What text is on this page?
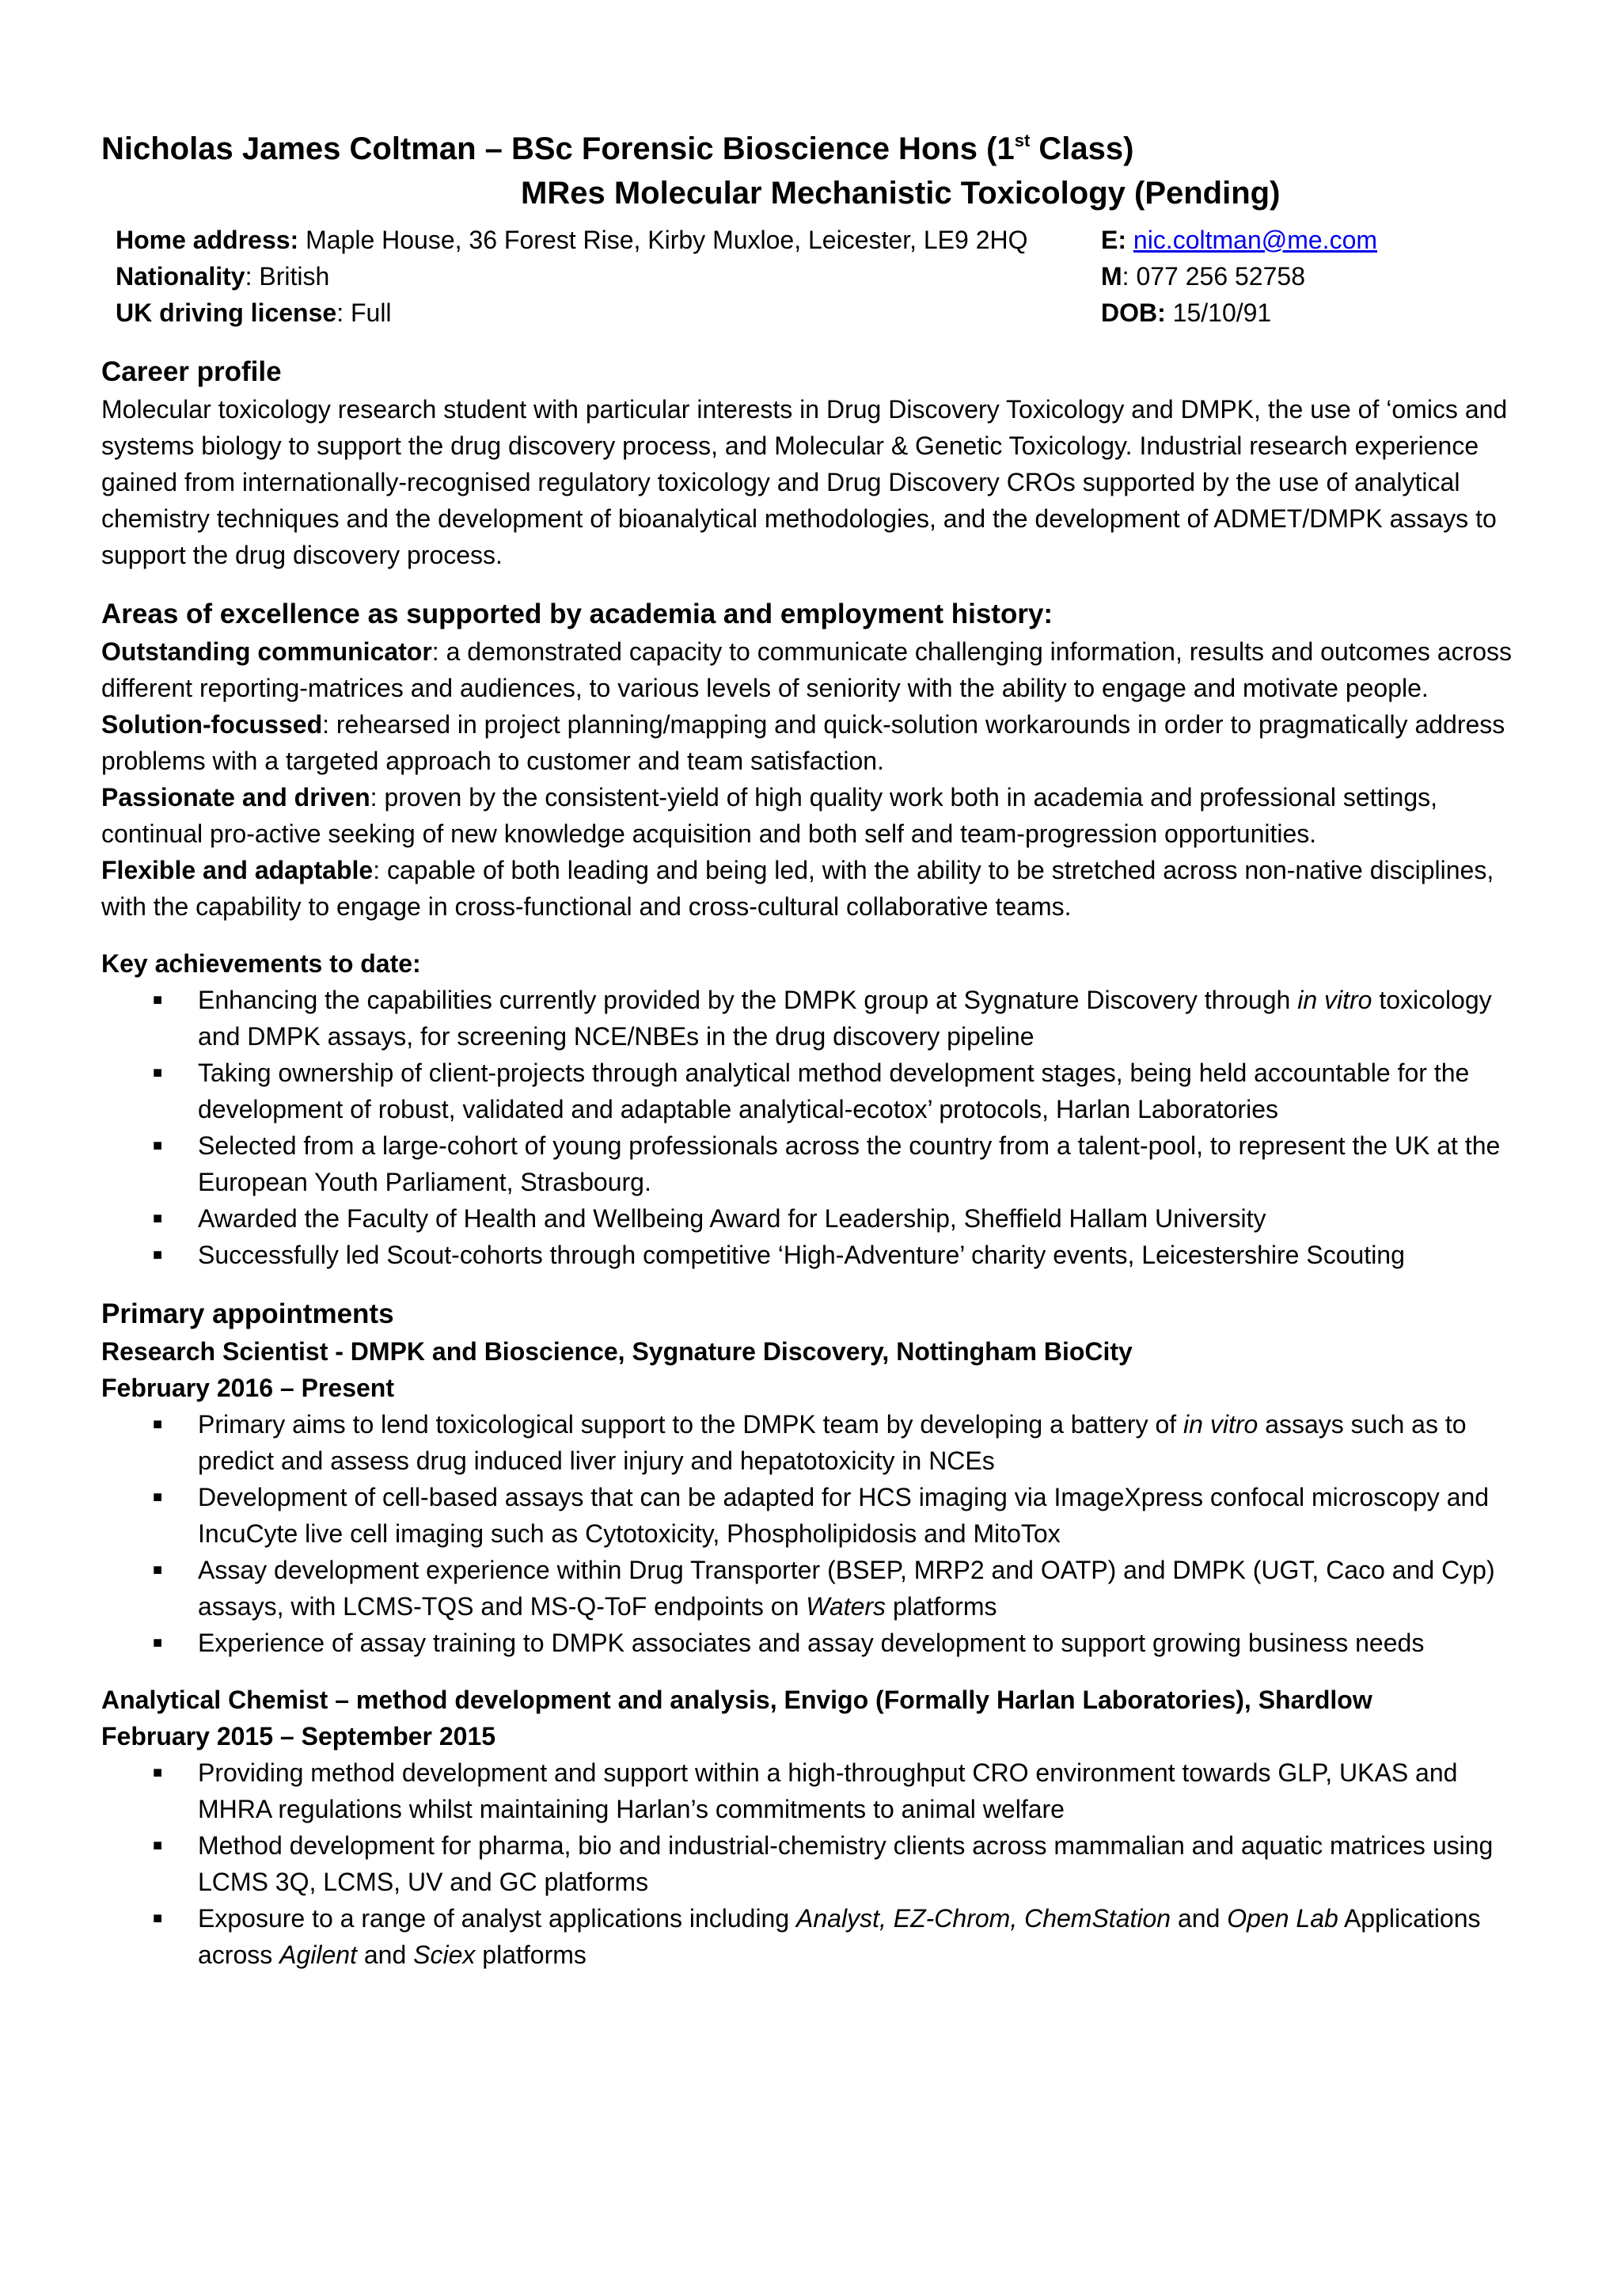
Nicholas James Coltman – BSc Forensic Bioscience Hons (1st Class)
MRes Molecular Mechanistic Toxicology (Pending)
Home address: Maple House, 36 Forest Rise, Kirby Muxloe, Leicester, LE9 2HQ	E: nic.coltman@me.com
Nationality: British	M: 077 256 52758
UK driving license: Full	DOB: 15/10/91
Career profile

Molecular toxicology research student with particular interests in Drug Discovery Toxicology and DMPK, the use of ‘omics and systems biology to support the drug discovery process, and Molecular & Genetic Toxicology. Industrial research experience gained from internationally-recognised regulatory toxicology and Drug Discovery CROs supported by the use of analytical chemistry techniques and the development of bioanalytical methodologies, and the development of ADMET/DMPK assays to support the drug discovery process.

Areas of excellence as supported by academia and employment history:

Outstanding communicator: a demonstrated capacity to communicate challenging information, results and outcomes across different reporting-matrices and audiences, to various levels of seniority with the ability to engage and motivate people.

Solution-focussed: rehearsed in project planning/mapping and quick-solution workarounds in order to pragmatically address problems with a targeted approach to customer and team satisfaction.

Passionate and driven: proven by the consistent-yield of high quality work both in academia and professional settings, continual pro-active seeking of new knowledge acquisition and both self and team-progression opportunities.

Flexible and adaptable: capable of both leading and being led, with the ability to be stretched across non-native disciplines, with the capability to engage in cross-functional and cross-cultural collaborative teams.

Key achievements to date:
■ Enhancing the capabilities currently provided by the DMPK group at Sygnature Discovery through in vitro toxicology and DMPK assays, for screening NCE/NBEs in the drug discovery pipeline
■ Taking ownership of client-projects through analytical method development stages, being held accountable for the development of robust, validated and adaptable analytical-ecotox’ protocols, Harlan Laboratories
■ Selected from a large-cohort of young professionals across the country from a talent-pool, to represent the UK at the European Youth Parliament, Strasbourg.
■ Awarded the Faculty of Health and Wellbeing Award for Leadership, Sheffield Hallam University
■ Successfully led Scout-cohorts through competitive ‘High-Adventure’ charity events, Leicestershire Scouting
Primary appointments
Research Scientist - DMPK and Bioscience, Sygnature Discovery, Nottingham BioCity
February 2016 – Present
■ Primary aims to lend toxicological support to the DMPK team by developing a battery of in vitro assays such as to predict and assess drug induced liver injury and hepatotoxicity in NCEs
■ Development of cell-based assays that can be adapted for HCS imaging via ImageXpress confocal microscopy and IncuCyte live cell imaging such as Cytotoxicity, Phospholipidosis and MitoTox
■ Assay development experience within Drug Transporter (BSEP, MRP2 and OATP) and DMPK (UGT, Caco and Cyp) assays, with LCMS-TQS and MS-Q-ToF endpoints on Waters platforms
■ Experience of assay training to DMPK associates and assay development to support growing business needs
Analytical Chemist – method development and analysis, Envigo (Formally Harlan Laboratories), Shardlow
February 2015 – September 2015
■ Providing method development and support within a high-throughput CRO environment towards GLP, UKAS and MHRA regulations whilst maintaining Harlan’s commitments to animal welfare
■ Method development for pharma, bio and industrial-chemistry clients across mammalian and aquatic matrices using LCMS 3Q, LCMS, UV and GC platforms
■ Exposure to a range of analyst applications including Analyst, EZ-Chrom, ChemStation and Open Lab Applications across Agilent and Sciex platforms
